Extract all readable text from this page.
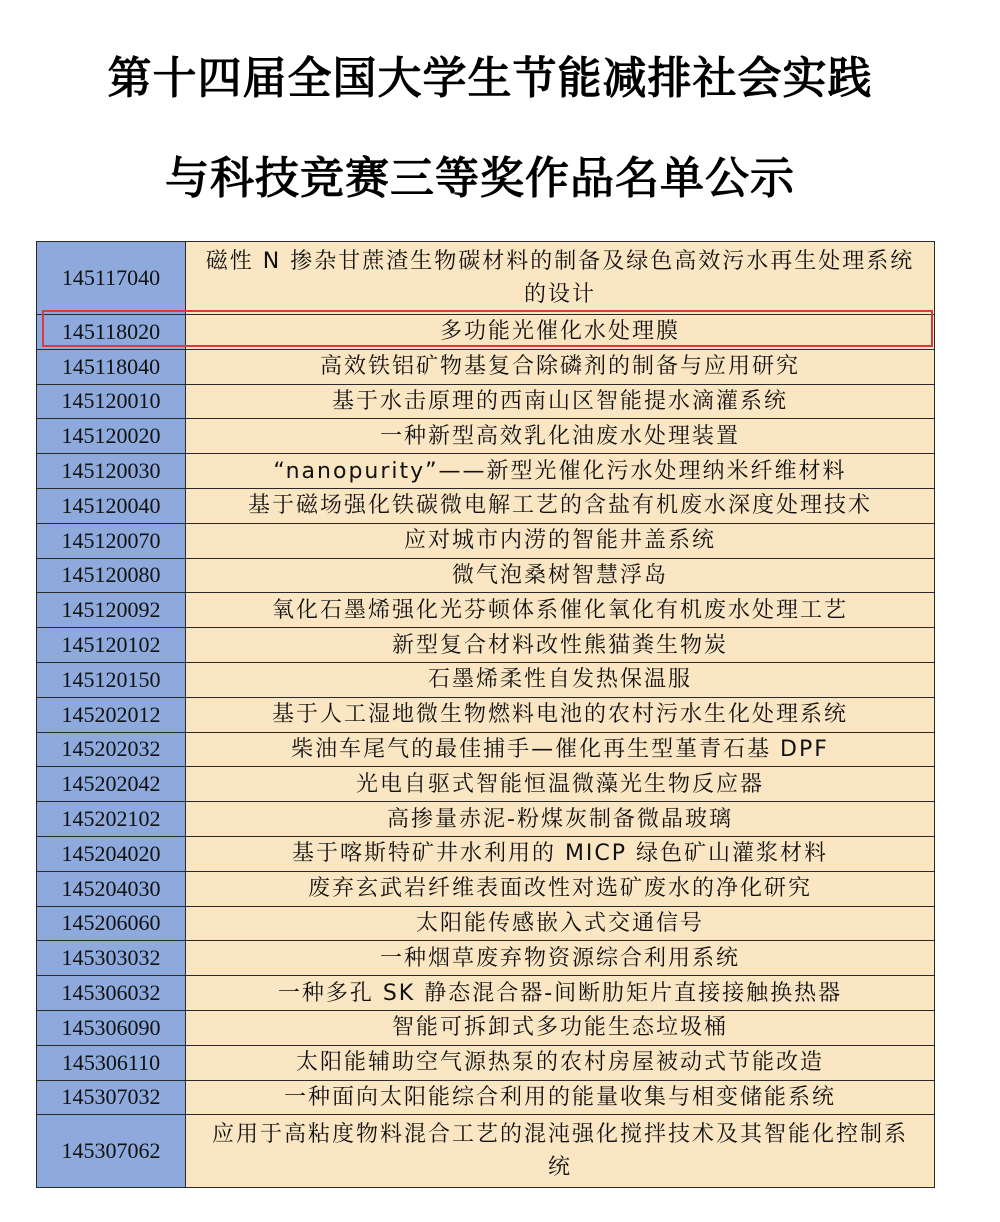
第十四届全国大学生节能减排社会实践
与科技竞赛三等奖作品名单公示
145117040	磁性 N 掺杂甘蔗渣生物碳材料的制备及绿色高效污水再生处理系统的设计
145118020	多功能光催化水处理膜
145118040	高效铁铝矿物基复合除磷剂的制备与应用研究
145120010	基于水击原理的西南山区智能提水滴灌系统
145120020	一种新型高效乳化油废水处理装置
145120030	“nanopurity”——新型光催化污水处理纳米纤维材料
145120040	基于磁场强化铁碳微电解工艺的含盐有机废水深度处理技术
145120070	应对城市内涝的智能井盖系统
145120080	微气泡桑树智慧浮岛
145120092	氧化石墨烯强化光芬顿体系催化氧化有机废水处理工艺
145120102	新型复合材料改性熊猫粪生物炭
145120150	石墨烯柔性自发热保温服
145202012	基于人工湿地微生物燃料电池的农村污水生化处理系统
145202032	柴油车尾气的最佳捕手—催化再生型堇青石基 DPF
145202042	光电自驱式智能恒温微藻光生物反应器
145202102	高掺量赤泥-粉煤灰制备微晶玻璃
145204020	基于喀斯特矿井水利用的 MICP 绿色矿山灌浆材料
145204030	废弃玄武岩纤维表面改性对选矿废水的净化研究
145206060	太阳能传感嵌入式交通信号
145303032	一种烟草废弃物资源综合利用系统
145306032	一种多孔 SK 静态混合器-间断肋矩片直接接触换热器
145306090	智能可拆卸式多功能生态垃圾桶
145306110	太阳能辅助空气源热泵的农村房屋被动式节能改造
145307032	一种面向太阳能综合利用的能量收集与相变储能系统
145307062	应用于高粘度物料混合工艺的混沌强化搅拌技术及其智能化控制系统
